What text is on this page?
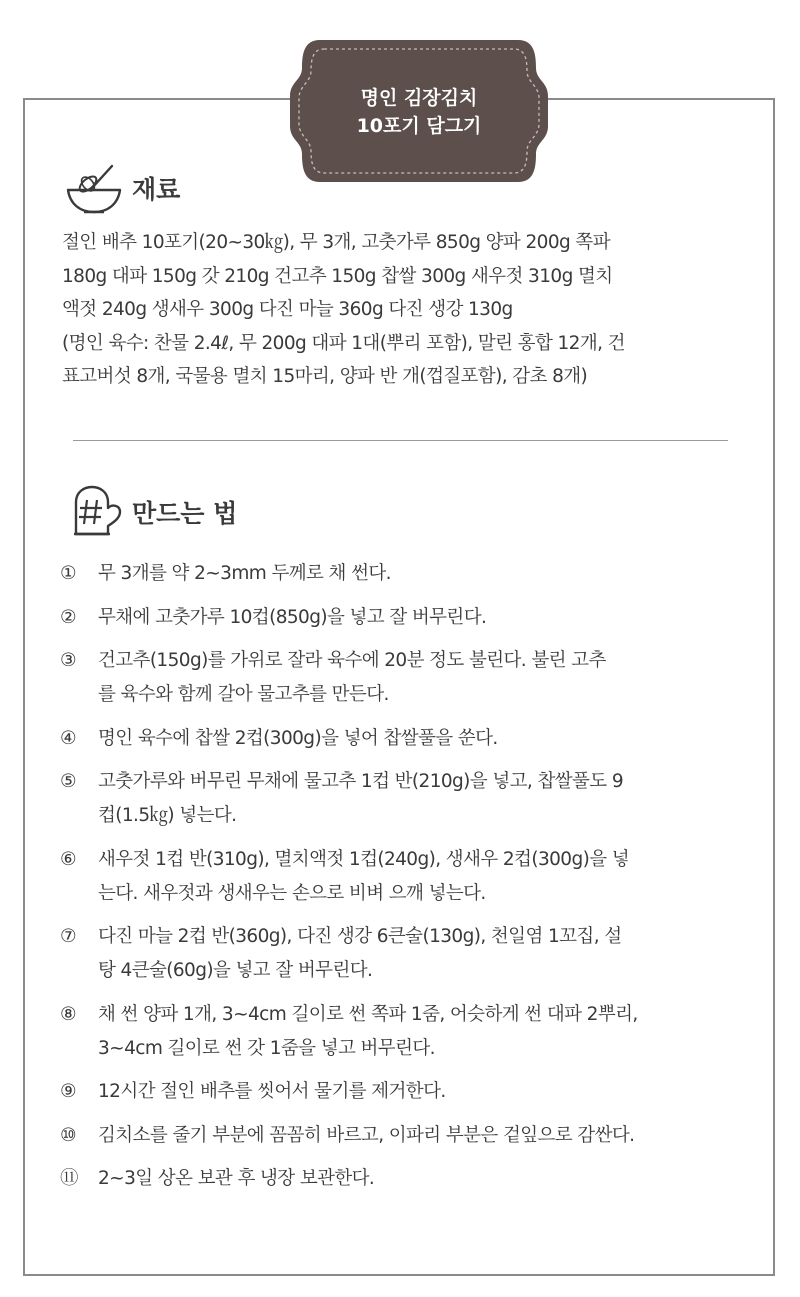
명인 김장김치
10포기 담그기
재료
절인 배추 10포기(20~30㎏), 무 3개, 고춧가루 850g 양파 200g 쪽파
180g 대파 150g 갓 210g 건고추 150g 찹쌀 300g 새우젓 310g 멸치
액젓 240g 생새우 300g 다진 마늘 360g 다진 생강 130g
(명인 육수: 찬물 2.4ℓ, 무 200g 대파 1대(뿌리 포함), 말린 홍합 12개, 건
표고버섯 8개, 국물용 멸치 15마리, 양파 반 개(껍질포함), 감초 8개)
만드는 법
①	무 3개를 약 2~3mm 두께로 채 썬다.
②	무채에 고춧가루 10컵(850g)을 넣고 잘 버무린다.
③	건고추(150g)를 가위로 잘라 육수에 20분 정도 불린다. 불린 고추
를 육수와 함께 갈아 물고추를 만든다.
④	명인 육수에 찹쌀 2컵(300g)을 넣어 찹쌀풀을 쑨다.
⑤	고춧가루와 버무린 무채에 물고추 1컵 반(210g)을 넣고, 찹쌀풀도 9
컵(1.5㎏) 넣는다.
⑥	새우젓 1컵 반(310g), 멸치액젓 1컵(240g), 생새우 2컵(300g)을 넣
는다. 새우젓과 생새우는 손으로 비벼 으깨 넣는다.
⑦	다진 마늘 2컵 반(360g), 다진 생강 6큰술(130g), 천일염 1꼬집, 설
탕 4큰술(60g)을 넣고 잘 버무린다.
⑧	채 썬 양파 1개, 3~4cm 길이로 썬 쪽파 1줌, 어슷하게 썬 대파 2뿌리,
3~4cm 길이로 썬 갓 1줌을 넣고 버무린다.
⑨	12시간 절인 배추를 씻어서 물기를 제거한다.
⑩	김치소를 줄기 부분에 꼼꼼히 바르고, 이파리 부분은 겉잎으로 감싼다.
⑪	2~3일 상온 보관 후 냉장 보관한다.
